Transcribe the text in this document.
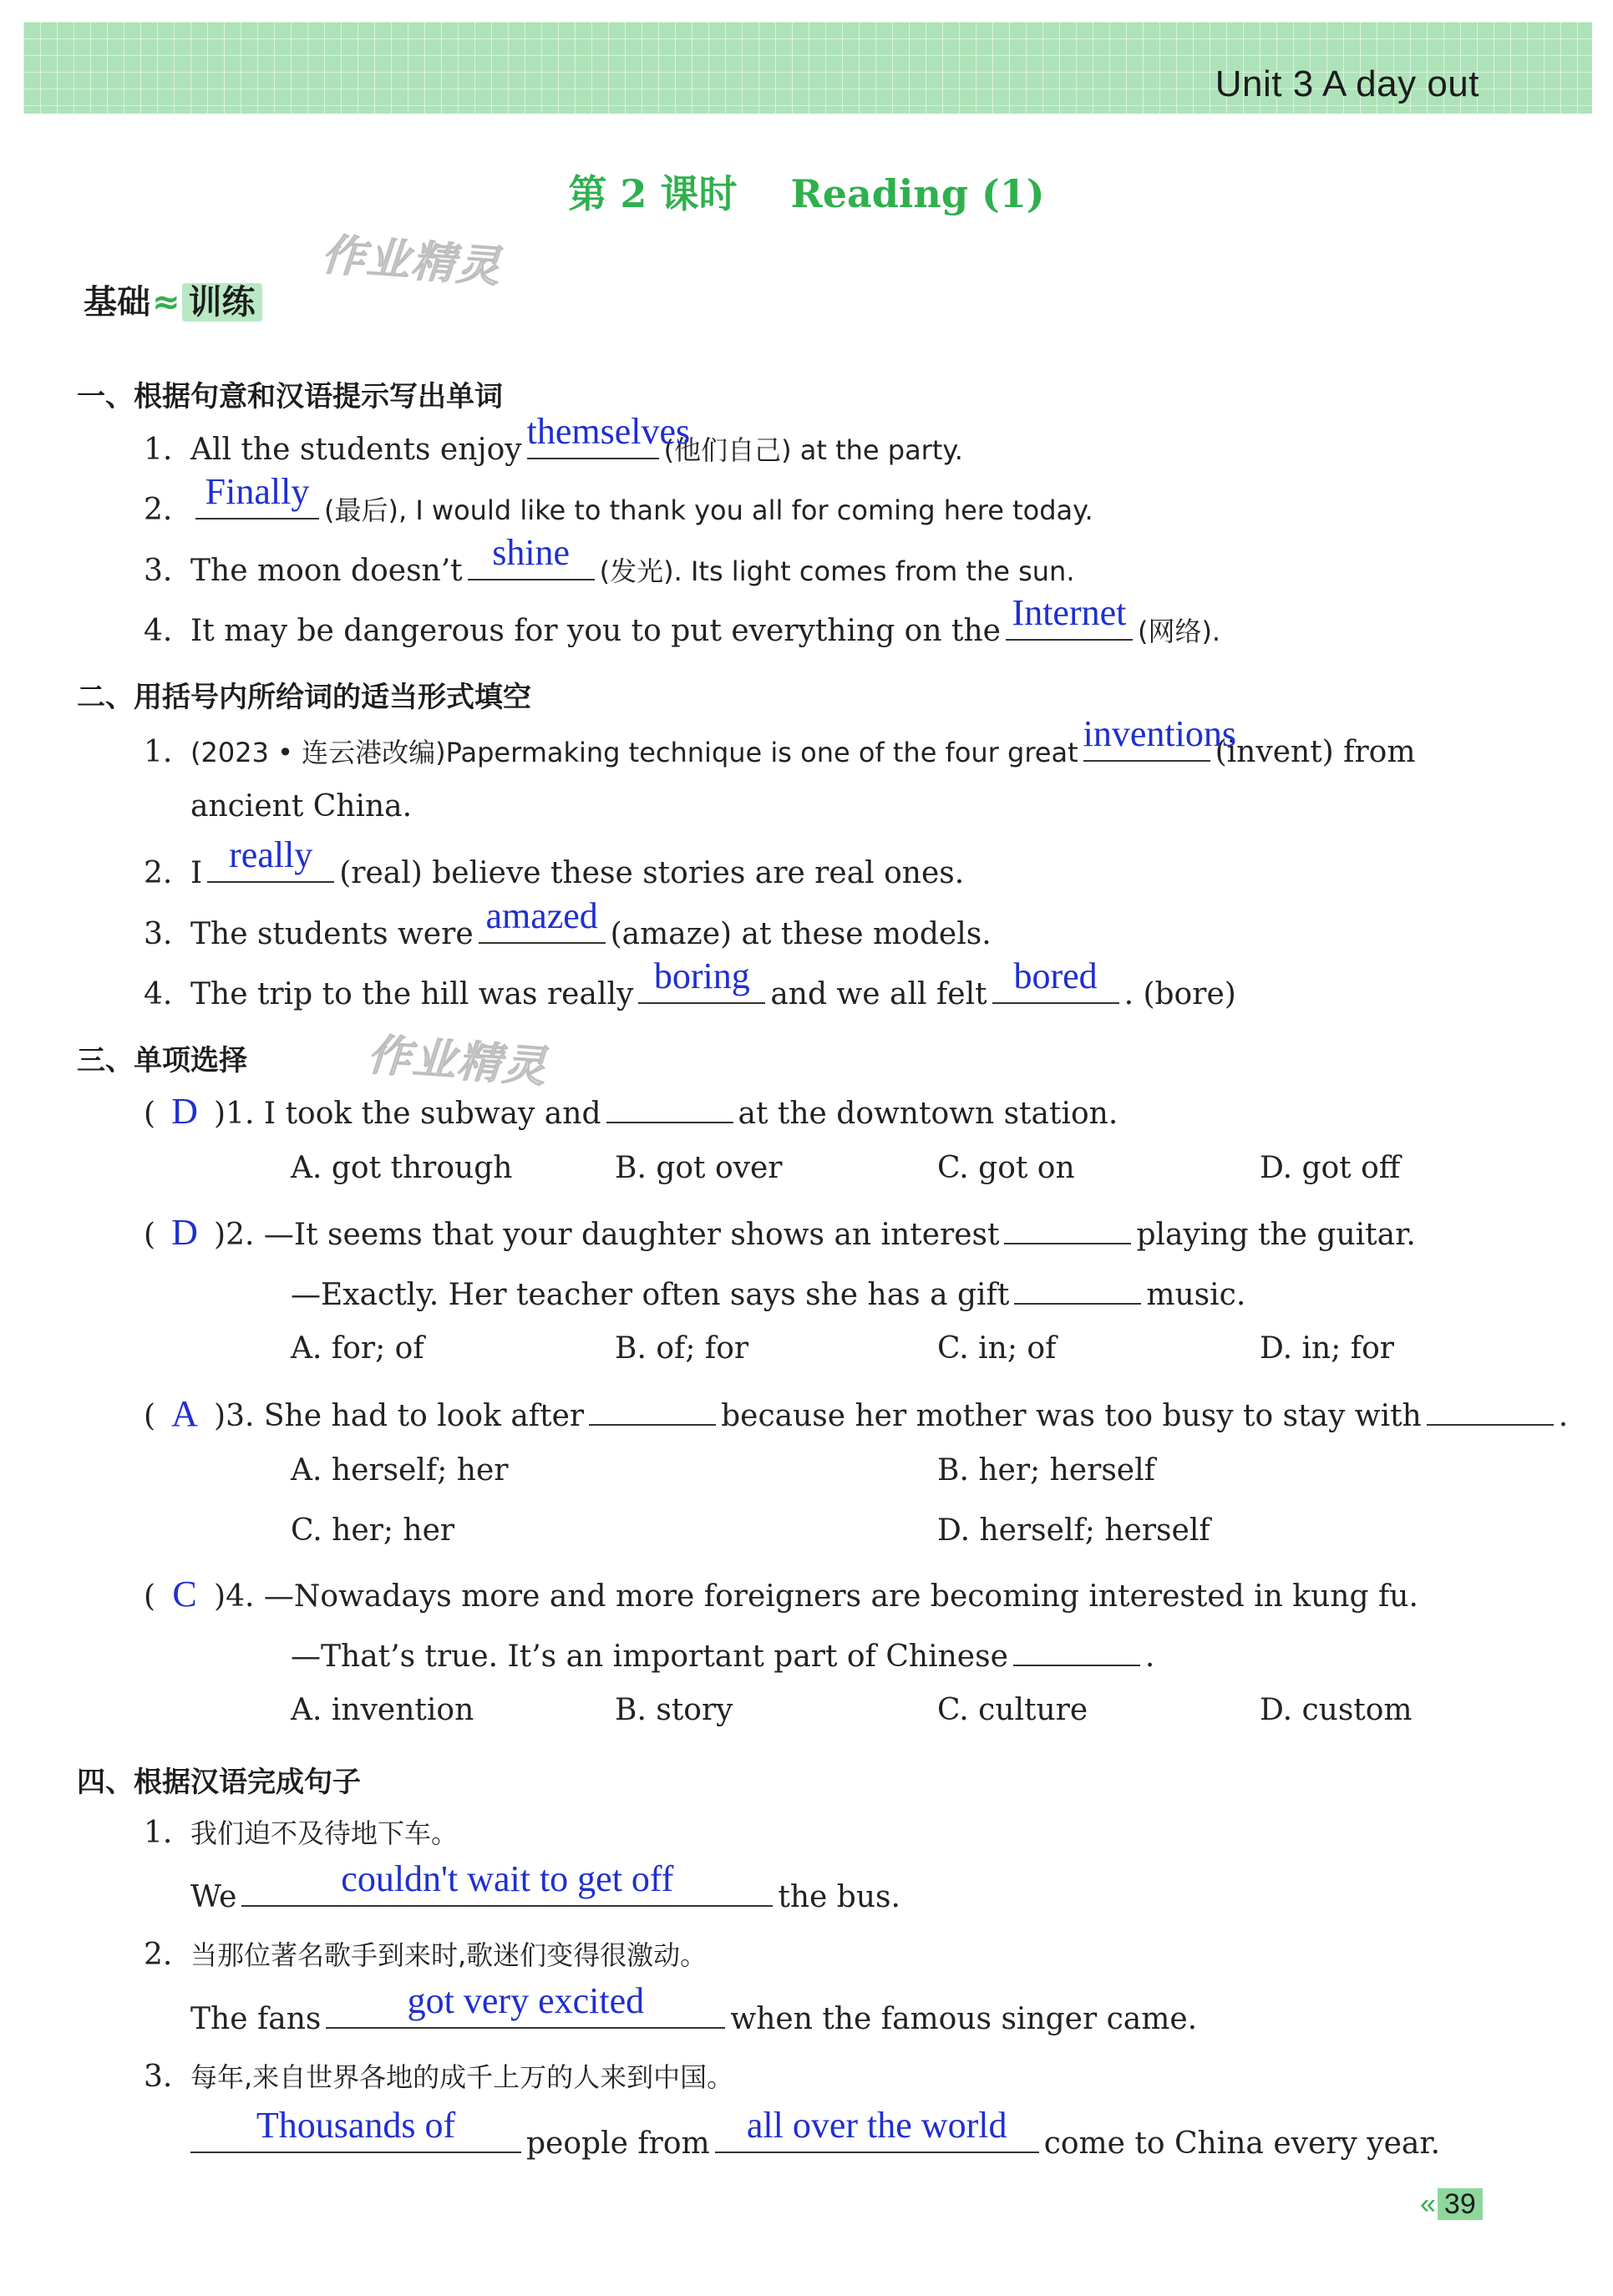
Unit 3 A day out
第 2 课时 Reading (1)
作业精灵
作业精灵
基础≈ 训练
一、根据句意和汉语提示写出单词
1. All the students enjoy themselves
(他们自己) at the party.
2. Finally (最后), I would like to thank you all for coming here today.
3. The moon doesn’t shine	(发光). Its light comes from the sun.
4. It may be dangerous for you to put everything on the Internet (网络).
二、用括号内所给词的适当形式填空
1. (2023 • 连云港改编)Papermaking technique is one of the four great inventions
(invent) from
ancient China.
2. I really (real) believe these stories are real ones.
3. The students were amazed (amaze) at these models.
4. The trip to the hill was really boring and we all felt bored . (bore)
三、单项选择
( D )1. I took the subway and	at the downtown station.
A. got through	B. got over	C. got on	D. got off
( D )2. —It seems that your daughter shows an interest	playing the guitar.
—Exactly. Her teacher often says she has a gift	music.
A. for; of	B. of; for	C. in; of	D. in; for
( A )3. She had to look after	because her mother was too busy to stay with	.
A. herself; her	B. her; herself
C. her; her	D. herself; herself
( C )4. —Nowadays more and more foreigners are becoming interested in kung fu.
—That’s true. It’s an important part of Chinese	.
A. invention	B. story	C. culture	D. custom
四、根据汉语完成句子
1. 我们迫不及待地下车。
We	couldn't wait to get off	the bus.
2. 当那位著名歌手到来时,歌迷们变得很激动。
The fans	got very excited	when the famous singer came.
3. 每年,来自世界各地的成千上万的人来到中国。
Thousands of	people from	all over the world	come to China every year.
« 39
